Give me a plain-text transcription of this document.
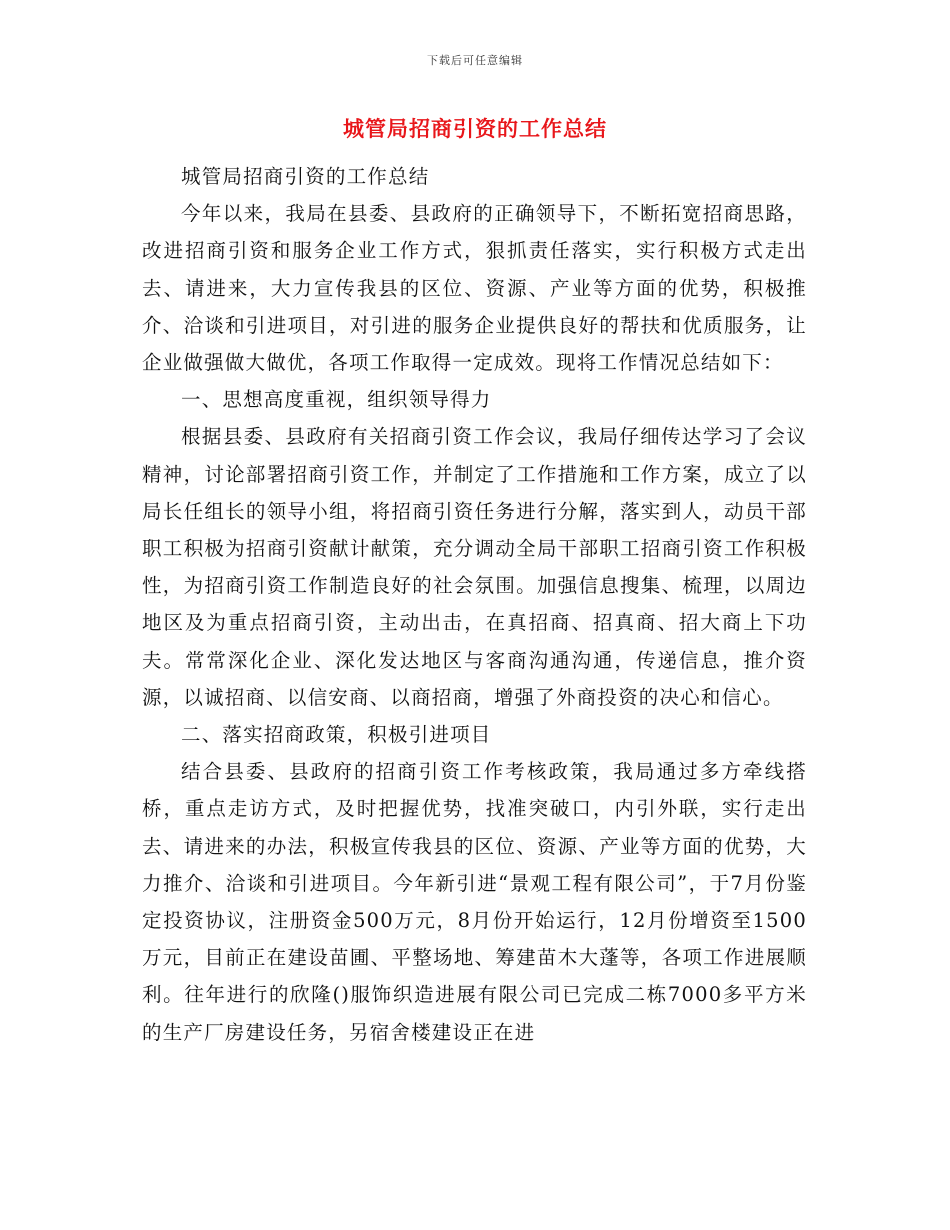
下载后可任意编辑
城管局招商引资的工作总结

城管局招商引资的工作总结

今年以来，我局在县委、县政府的正确领导下，不断拓宽招商思路，改进招商引资和服务企业工作方式，狠抓责任落实，实行积极方式走出去、请进来，大力宣传我县的区位、资源、产业等方面的优势，积极推介、洽谈和引进项目，对引进的服务企业提供良好的帮扶和优质服务，让企业做强做大做优，各项工作取得一定成效。现将工作情况总结如下：

一、思想高度重视，组织领导得力

根据县委、县政府有关招商引资工作会议，我局仔细传达学习了会议精神，讨论部署招商引资工作，并制定了工作措施和工作方案，成立了以局长任组长的领导小组，将招商引资任务进行分解，落实到人，动员干部职工积极为招商引资献计献策，充分调动全局干部职工招商引资工作积极性，为招商引资工作制造良好的社会氛围。加强信息搜集、梳理，以周边地区及为重点招商引资，主动出击，在真招商、招真商、招大商上下功夫。常常深化企业、深化发达地区与客商沟通沟通，传递信息，推介资源，以诚招商、以信安商、以商招商，增强了外商投资的决心和信心。

二、落实招商政策，积极引进项目

结合县委、县政府的招商引资工作考核政策，我局通过多方牵线搭桥，重点走访方式，及时把握优势，找准突破口，内引外联，实行走出去、请进来的办法，积极宣传我县的区位、资源、产业等方面的优势，大力推介、洽谈和引进项目。今年新引进“景观工程有限公司”，于7月份鉴定投资协议，注册资金500万元，8月份开始运行，12月份增资至1500万元，目前正在建设苗圃、平整场地、筹建苗木大蓬等，各项工作进展顺利。往年进行的欣隆()服饰织造进展有限公司已完成二栋7000多平方米的生产厂房建设任务，另宿舍楼建设正在进
